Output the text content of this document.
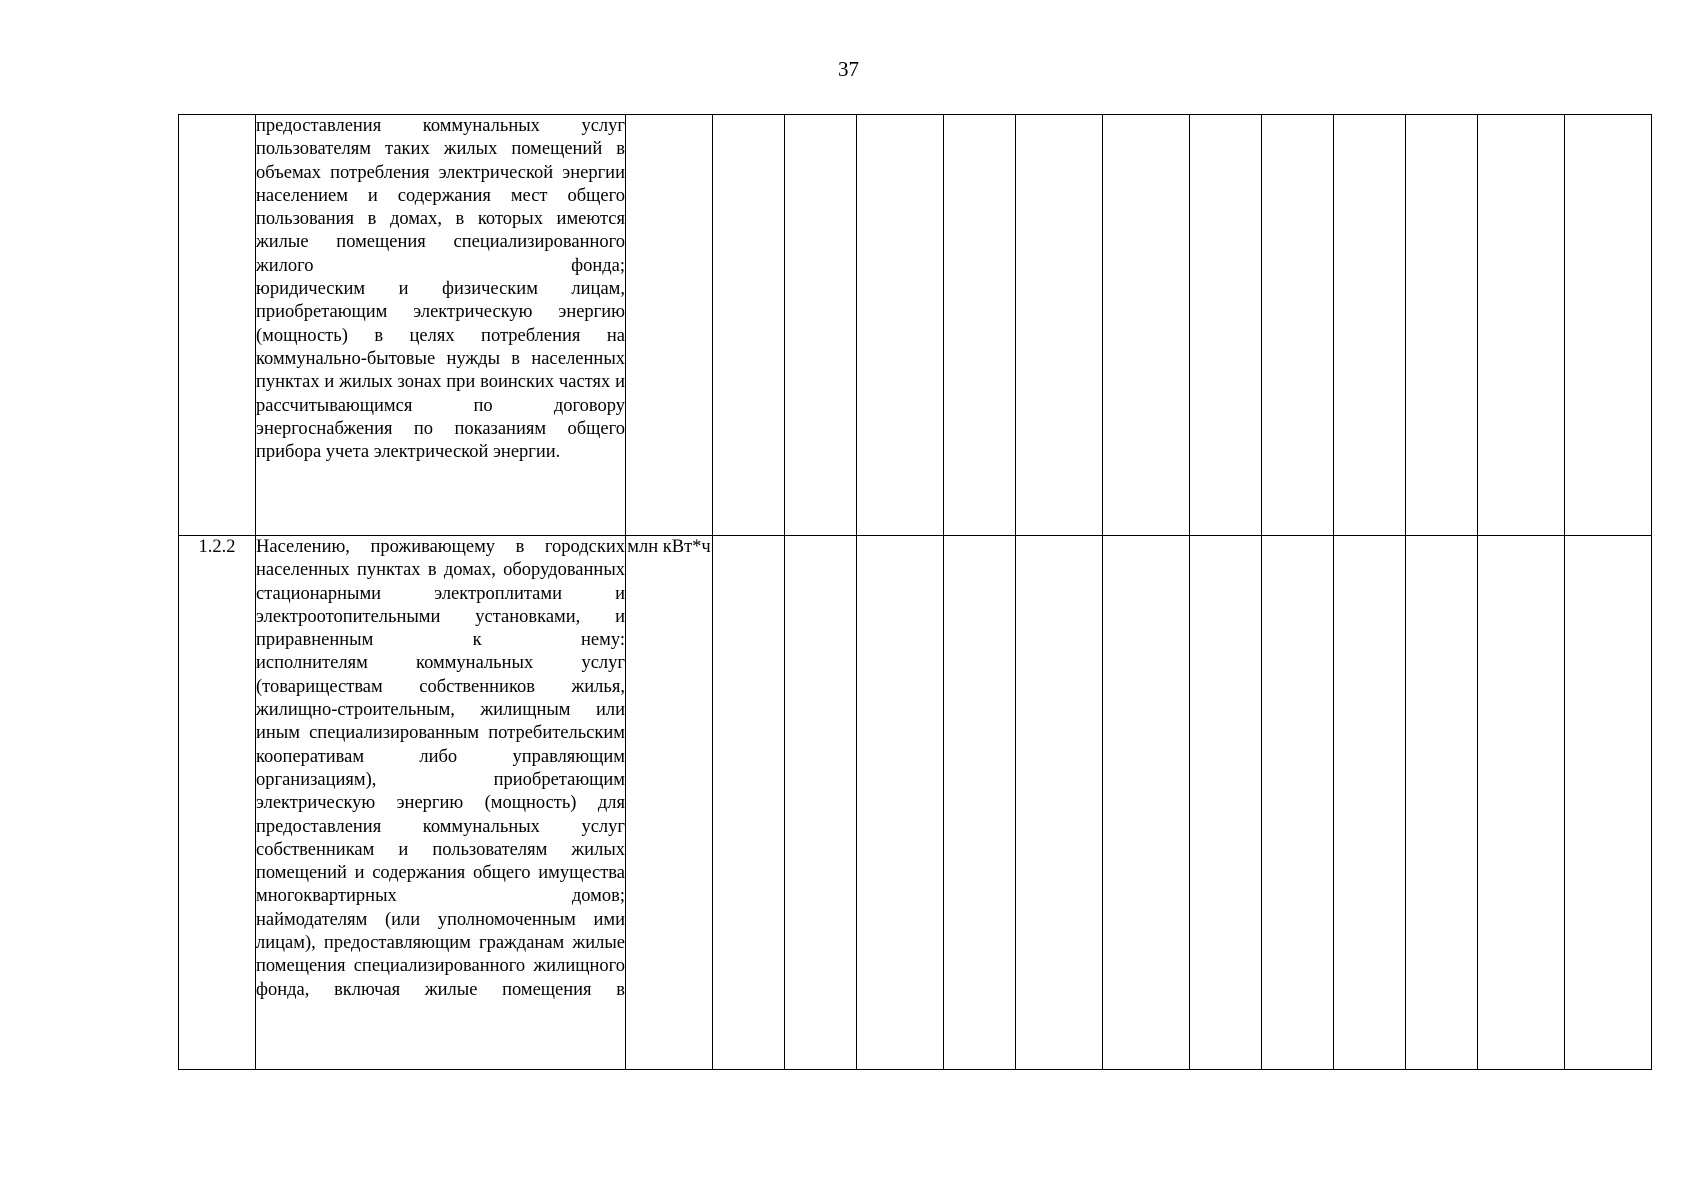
37

	предоставления коммунальных услуг пользователям таких жилых помещений в объемах потребления электрической энергии населением и содержания мест общего пользования в домах, в которых имеются жилые помещения специализированного жилого фонда;
юридическим и физическим лицам, приобретающим электрическую энергию (мощность) в целях потребления на коммунально-бытовые нужды в населенных пунктах и жилых зонах при воинских частях и рассчитывающимся по договору энергоснабжения по показаниям общего прибора учета электрической энергии.													

1.2.2	Населению, проживающему в городских населенных пунктах в домах, оборудованных стационарными электроплитами и электроотопительными установками, и приравненным к нему:
исполнителям коммунальных услуг (товариществам собственников жилья, жилищно-строительным, жилищным или иным специализированным потребительским кооперативам либо управляющим организациям), приобретающим электрическую энергию (мощность) для предоставления коммунальных услуг собственникам и пользователям жилых помещений и содержания общего имущества многоквартирных домов;
наймодателям (или уполномоченным ими лицам), предоставляющим гражданам жилые помещения специализированного жилищного фонда, включая жилые помещения в	млн кВт*ч												
